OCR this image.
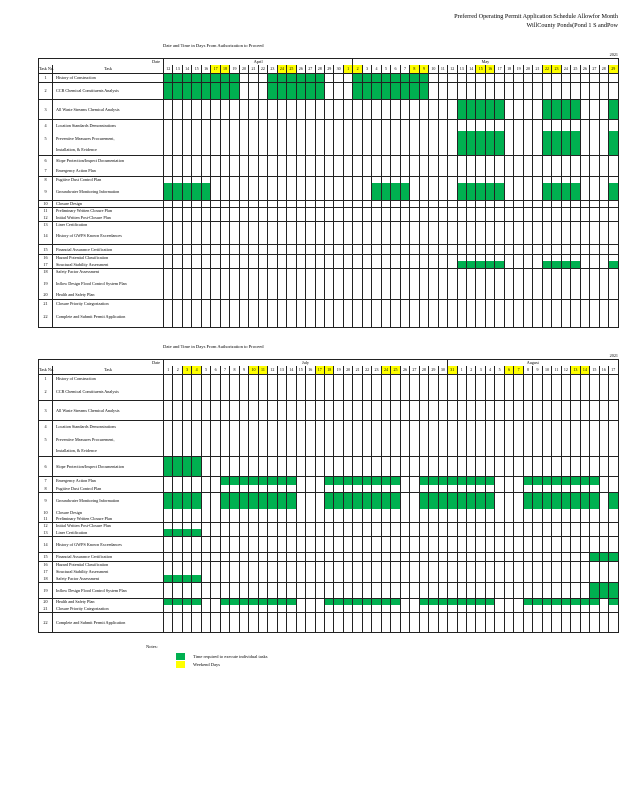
Preferred Operating Permit Application Schedule Allowfor Month
WillCounty Ponds(Pond 1 S andPow
Date and Time in Days From Authorization to Proceed
																																														2021			
Date		April																				May																											
Task No.	Task	12	13	14	15	16	17	18	19	20	21	22	23	24	25	26	27	28	29	30	1	2	3	4	5	6	7	8	9	10	11	12	13	14	15	16	17	18	19	20	21	22	23	24	25	26	27	28	29
1	History of Construction																																																
2	CCR Chemical Constituents Analysis																																																
3	All Waste Streams Chemical Analysis																																																
4	Location Standards Demonstrations																																																
5	Preventive Measures Procurement,																																																
	Installation, & Evidence																																																
6	Slope Protection/Inspect Documentation																																																
7	Emergency Action Plan																																																
8	Fugitive Dust Control Plan																																																
9	Groundwater Monitoring Information																																																
10	Closure Design																																																
11	Preliminary Written Closure Plan																																																
12	Initial Written Post-Closure Plan																																																
13	Liner Certification																																																
14	History of GWPS Known Exceedances																																																
15	Financial Assurance Certification																																																
16	Hazard Potential Classification																																																
17	Structural Stability Assessment																																																
18	Safety Factor Assessment																																																
19	Inflow Design Flood Control System Plan																																																
20	Health and Safety Plan																																																
21	Closure Priority Categorization																																																
22	Complete and Submit Permit Application																																																
Date and Time in Days From Authorization to Proceed
																																														2021			
Date		July																														August																	
Task No.	Task	1	2	3	4	5	6	7	8	9	10	11	12	13	14	15	16	17	18	19	20	21	22	23	24	25	26	27	28	29	30	31	1	2	3	4	5	6	7	8	9	10	11	12	13	14	15	16	17
1	History of Construction																																																
2	CCR Chemical Constituents Analysis																																																
3	All Waste Streams Chemical Analysis																																																
4	Location Standards Demonstrations																																																
5	Preventive Measures Procurement,																																																
	Installation, & Evidence																																																
6	Slope Protection/Inspect Documentation																																																
7	Emergency Action Plan																																																
8	Fugitive Dust Control Plan																																																
9	Groundwater Monitoring Information																																																
10	Closure Design																																																
11	Preliminary Written Closure Plan																																																
12	Initial Written Post-Closure Plan																																																
13	Liner Certification																																																
14	History of GWPS Known Exceedances																																																
15	Financial Assurance Certification																																																
16	Hazard Potential Classification																																																
17	Structural Stability Assessment																																																
18	Safety Factor Assessment																																																
19	Inflow Design Flood Control System Plan																																																
20	Health and Safety Plan																																																
21	Closure Priority Categorization																																																
22	Complete and Submit Permit Application																																																
Notes:
Time required to execute individual tasks
Weekend Days
